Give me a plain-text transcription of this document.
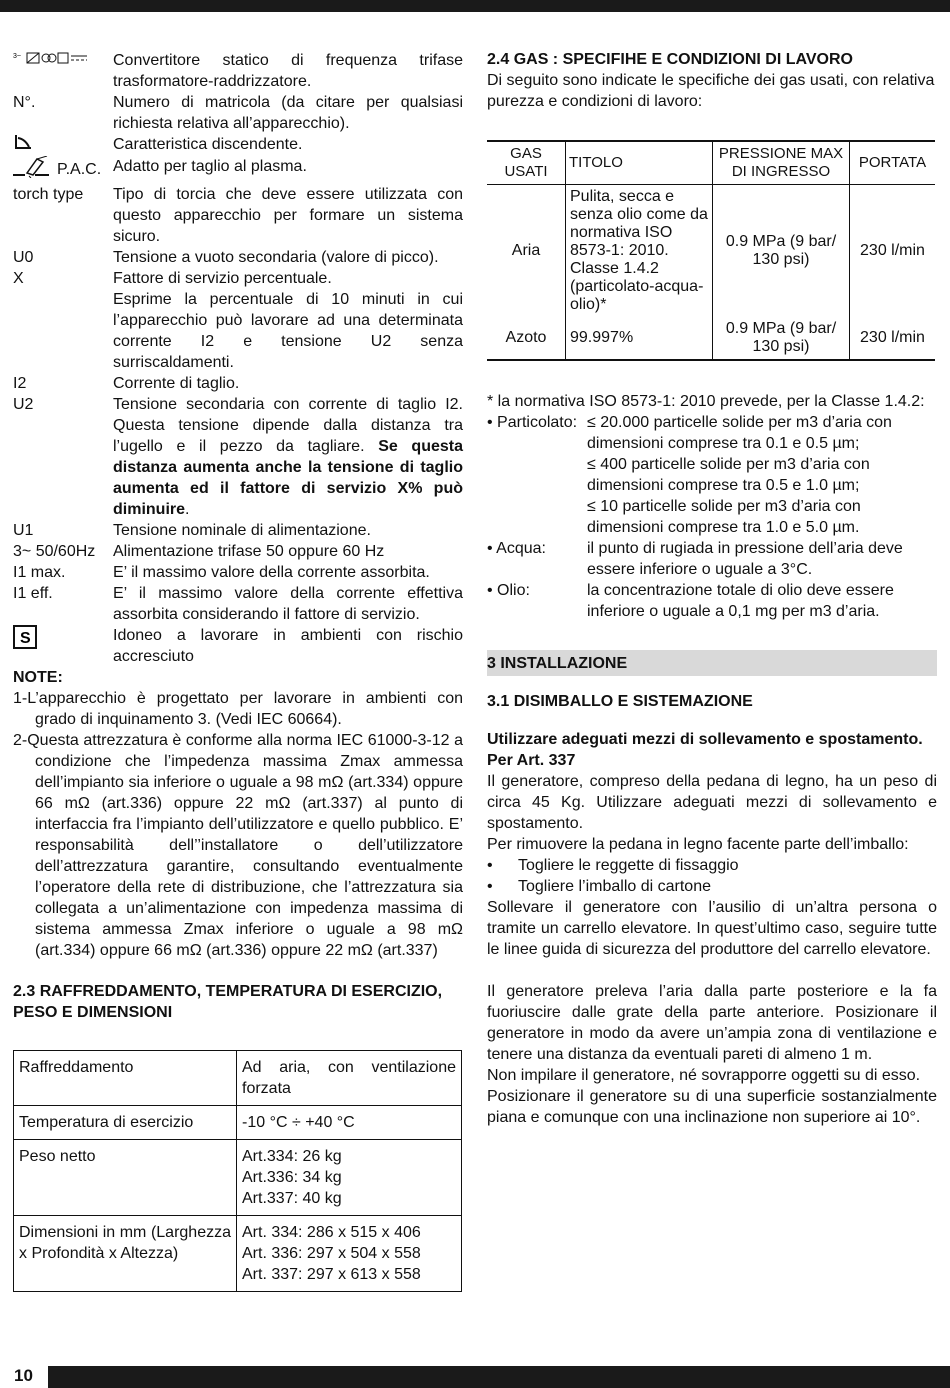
3~	Convertitore statico di frequenza trifase trasformatore-raddrizzatore.
N°.	Numero di matricola (da citare per qualsiasi richiesta relativa all’apparecchio).
Caratteristica discendente.
P.A.C. Adatto per taglio al plasma.
torch type	Tipo di torcia che deve essere utilizzata con questo apparecchio per formare un sistema sicuro.
U0	Tensione a vuoto secondaria (valore di picco).
X	Fattore di servizio percentuale.
Esprime la percentuale di 10 minuti in cui l’apparecchio può lavorare ad una determinata corrente I2 e tensione U2 senza surriscaldamenti.
I2	Corrente di taglio.
U2	Tensione secondaria con corrente di taglio I2. Questa tensione dipende dalla distanza tra l’ugello e il pezzo da tagliare. Se questa distanza aumenta anche la tensione di taglio aumenta ed il fattore di servizio X% può diminuire.
U1	Tensione nominale di alimentazione.
3~ 50/60Hz	Alimentazione trifase 50 oppure 60 Hz
I1 max.	E’ il massimo valore della corrente assorbita.
I1 eff.	E’ il massimo valore della corrente effettiva assorbita considerando il fattore di servizio.
S	Idoneo a lavorare in ambienti con rischio accresciuto
NOTE:
1-L’apparecchio è progettato per lavorare in ambienti con grado di inquinamento 3. (Vedi IEC 60664).
2-Questa attrezzatura è conforme alla norma IEC 61000-3-12 a condizione che l’impedenza massima Zmax ammessa dell’impianto sia inferiore o uguale a 98 mΩ (art.334) oppure 66 mΩ (art.336) oppure 22 mΩ (art.337) al punto di interfaccia fra l’impianto dell’utilizzatore e quello pubblico. E’ responsabilità dell’’installatore o dell’utilizzatore dell’attrezzatura garantire, consultando eventualmente l’operatore della rete di distribuzione, che l’attrezzatura sia collegata a un’alimentazione con impedenza massima di sistema ammessa Zmax inferiore o uguale a 98 mΩ (art.334) oppure 66 mΩ (art.336) oppure 22 mΩ (art.337)
2.3 RAFFREDDAMENTO, TEMPERATURA DI ESERCIZIO, PESO E DIMENSIONI
Raffreddamento	Ad aria, con ventilazione forzata

Temperatura di esercizio	-10 °C ÷ +40 °C

Peso netto	Art.334: 26 kg
Art.336: 34 kg
Art.337: 40 kg

Dimensioni in mm (Larghezza x Profondità x Altezza)	Art. 334: 286 x 515 x 406
Art. 336: 297 x 504 x 558
Art. 337: 297 x 613 x 558
2.4 GAS : SPECIFIHE E CONDIZIONI DI LAVORO
Di seguito sono indicate le specifiche dei gas usati, con relativa purezza e condizioni di lavoro:
GAS USATI	TITOLO	PRESSIONE MAX DI INGRESSO	PORTATA
Aria	Pulita, secca e senza olio come da normativa ISO 8573-1: 2010. Classe 1.4.2 (particolato-acqua-olio)*	0.9 MPa (9 bar/ 130 psi)	230 l/min
Azoto	99.997%	0.9 MPa (9 bar/ 130 psi)	230 l/min
* la normativa ISO 8573-1: 2010 prevede, per la Classe 1.4.2:
• Particolato: ≤ 20.000 particelle solide per m3 d’aria con dimensioni comprese tra 0.1 e 0.5 µm;
≤ 400 particelle solide per m3 d’aria con dimensioni comprese tra 0.5 e 1.0 µm;
≤ 10 particelle solide per m3 d’aria con dimensioni comprese tra 1.0 e 5.0 µm.
• Acqua:	il punto di rugiada in pressione dell’aria deve essere inferiore o uguale a 3°C.
• Olio:	la concentrazione totale di olio deve essere inferiore o uguale a 0,1 mg per m3 d’aria.
3 INSTALLAZIONE
3.1 DISIMBALLO E SISTEMAZIONE
Utilizzare adeguati mezzi di sollevamento e spostamento.
Per Art. 337
Il generatore, compreso della pedana di legno, ha un peso di circa 45 Kg. Utilizzare adeguati mezzi di sollevamento e spostamento.
Per rimuovere la pedana in legno facente parte dell’imballo:
•	Togliere le reggette di fissaggio
•	Togliere l’imballo di cartone
Sollevare il generatore con l’ausilio di un’altra persona o tramite un carrello elevatore. In quest’ultimo caso, seguire tutte le linee guida di sicurezza del produttore del carrello elevatore.
Il generatore preleva l’aria dalla parte posteriore e la fa fuoriuscire dalle grate della parte anteriore. Posizionare il generatore in modo da avere un’ampia zona di ventilazione e tenere una distanza da eventuali pareti di almeno 1 m.
Non impilare il generatore, né sovrapporre oggetti su di esso.
Posizionare il generatore su di una superficie sostanzialmente piana e comunque con una inclinazione non superiore ai 10°.
10
